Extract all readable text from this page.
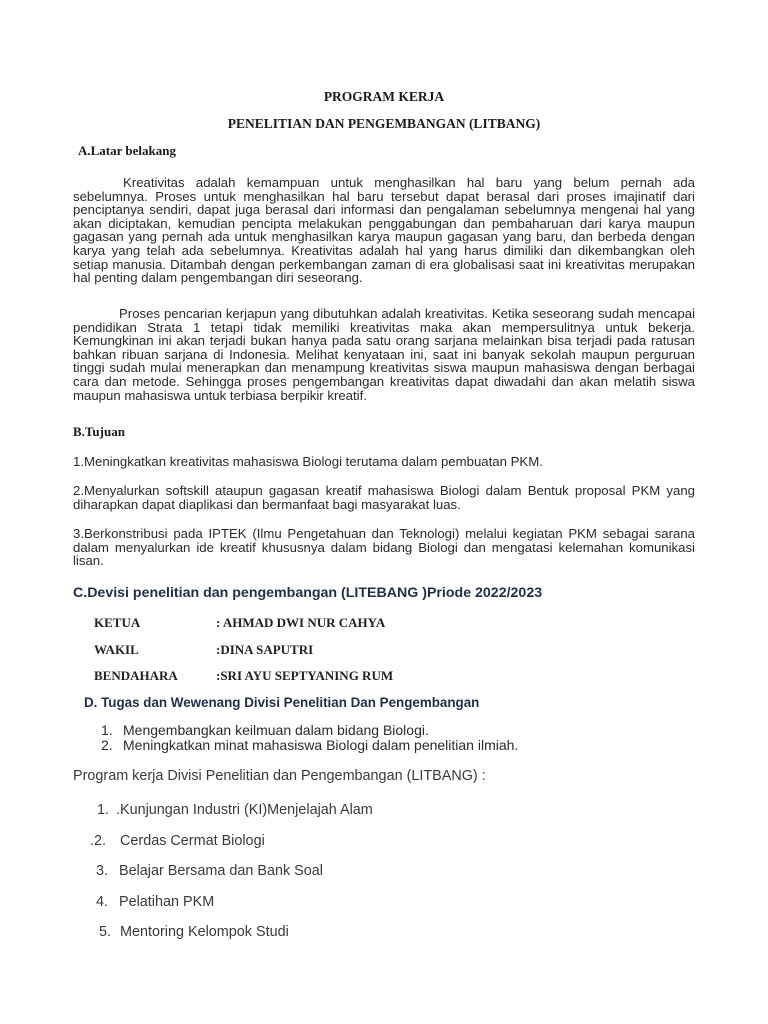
PROGRAM KERJA
PENELITIAN DAN PENGEMBANGAN (LITBANG)
A.Latar belakang
Kreativitas adalah kemampuan untuk menghasilkan hal baru yang belum pernah ada sebelumnya. Proses untuk menghasilkan hal baru tersebut dapat berasal dari proses imajinatif dari penciptanya sendiri, dapat juga berasal dari informasi dan pengalaman sebelumnya mengenai hal yang akan diciptakan, kemudian pencipta melakukan penggabungan dan pembaharuan dari karya maupun gagasan yang pernah ada untuk menghasilkan karya maupun gagasan yang baru, dan berbeda dengan karya yang telah ada sebelumnya. Kreativitas adalah hal yang harus dimiliki dan dikembangkan oleh setiap manusia. Ditambah dengan perkembangan zaman di era globalisasi saat ini kreativitas merupakan hal penting dalam pengembangan diri seseorang.
Proses pencarian kerjapun yang dibutuhkan adalah kreativitas. Ketika seseorang sudah mencapai pendidikan Strata 1 tetapi tidak memiliki kreativitas maka akan mempersulitnya untuk bekerja. Kemungkinan ini akan terjadi bukan hanya pada satu orang sarjana melainkan bisa terjadi pada ratusan bahkan ribuan sarjana di Indonesia. Melihat kenyataan ini, saat ini banyak sekolah maupun perguruan tinggi sudah mulai menerapkan dan menampung kreativitas siswa maupun mahasiswa dengan berbagai cara dan metode. Sehingga proses pengembangan kreativitas dapat diwadahi dan akan melatih siswa maupun mahasiswa untuk terbiasa berpikir kreatif.
B.Tujuan
1.Meningkatkan kreativitas mahasiswa Biologi terutama dalam pembuatan PKM.
2.Menyalurkan softskill ataupun gagasan kreatif mahasiswa Biologi dalam Bentuk proposal PKM yang diharapkan dapat diaplikasi dan bermanfaat bagi masyarakat luas.
3.Berkonstribusi pada IPTEK (Ilmu Pengetahuan dan Teknologi) melalui kegiatan PKM sebagai sarana dalam menyalurkan ide kreatif khususnya dalam bidang Biologi dan mengatasi kelemahan komunikasi lisan.
C.Devisi penelitian dan pengembangan (LITEBANG )Priode 2022/2023
KETUA	: AHMAD DWI NUR CAHYA
WAKIL	:DINA SAPUTRI
BENDAHARA	:SRI AYU SEPTYANING RUM
D. Tugas dan Wewenang Divisi Penelitian Dan Pengembangan
1. Mengembangkan keilmuan dalam bidang Biologi.
2. Meningkatkan minat mahasiswa Biologi dalam penelitian ilmiah.
Program kerja Divisi Penelitian dan Pengembangan (LITBANG) :
1. .Kunjungan Industri (KI)Menjelajah Alam
.2. Cerdas Cermat Biologi
3. Belajar Bersama dan Bank Soal
4. Pelatihan PKM
5. Mentoring Kelompok Studi
